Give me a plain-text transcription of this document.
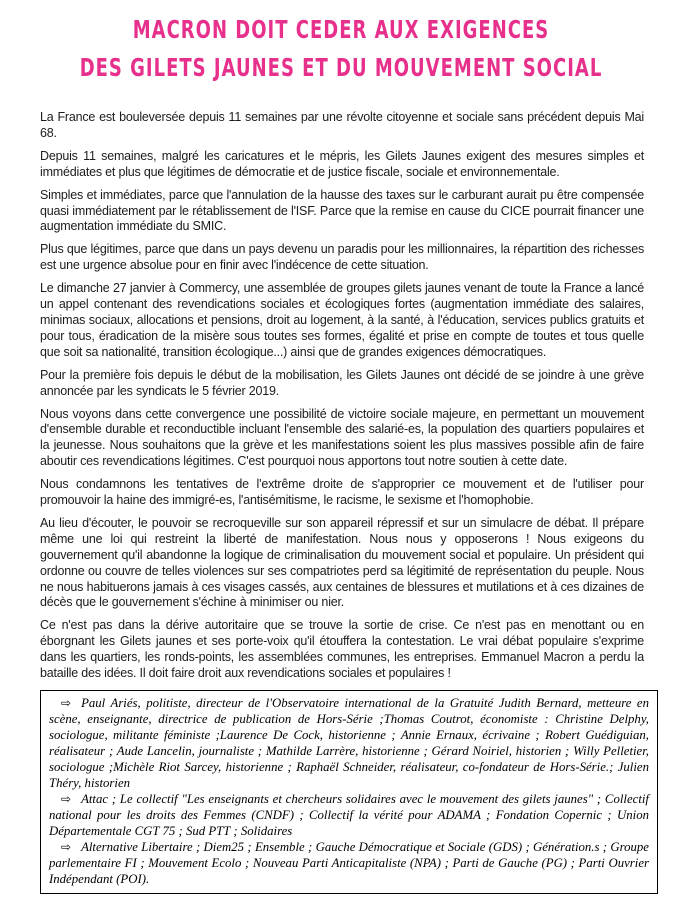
MACRON DOIT CEDER AUX EXIGENCES
DES GILETS JAUNES ET DU MOUVEMENT SOCIAL

La France est bouleversée depuis 11 semaines par une révolte citoyenne et sociale sans précédent depuis Mai 68.

Depuis 11 semaines, malgré les caricatures et le mépris, les Gilets Jaunes exigent des mesures simples et immédiates et plus que légitimes de démocratie et de justice fiscale, sociale et environnementale.

Simples et immédiates, parce que l'annulation de la hausse des taxes sur le carburant aurait pu être compensée quasi immédiatement par le rétablissement de l'ISF. Parce que la remise en cause du CICE pourrait financer une augmentation immédiate du SMIC.

Plus que légitimes, parce que dans un pays devenu un paradis pour les millionnaires, la répartition des richesses est une urgence absolue pour en finir avec l'indécence de cette situation.

Le dimanche 27 janvier à Commercy, une assemblée de groupes gilets jaunes venant de toute la France a lancé un appel contenant des revendications sociales et écologiques fortes (augmentation immédiate des salaires, minimas sociaux, allocations et pensions, droit au logement, à la santé, à l'éducation, services publics gratuits et pour tous, éradication de la misère sous toutes ses formes, égalité et prise en compte de toutes et tous quelle que soit sa nationalité, transition écologique...) ainsi que de grandes exigences démocratiques.

Pour la première fois depuis le début de la mobilisation, les Gilets Jaunes ont décidé de se joindre à une grève annoncée par les syndicats le 5 février 2019.

Nous voyons dans cette convergence une possibilité de victoire sociale majeure, en permettant un mouvement d'ensemble durable et reconductible incluant l'ensemble des salarié-es, la population des quartiers populaires et la jeunesse. Nous souhaitons que la grève et les manifestations soient les plus massives possible afin de faire aboutir ces revendications légitimes. C'est pourquoi nous apportons tout notre soutien à cette date.

Nous condamnons les tentatives de l'extrême droite de s'approprier ce mouvement et de l'utiliser pour promouvoir la haine des immigré-es, l'antisémitisme, le racisme, le sexisme et l'homophobie.

Au lieu d'écouter, le pouvoir se recroqueville sur son appareil répressif et sur un simulacre de débat. Il prépare même une loi qui restreint la liberté de manifestation. Nous nous y opposerons ! Nous exigeons du gouvernement qu'il abandonne la logique de criminalisation du mouvement social et populaire. Un président qui ordonne ou couvre de telles violences sur ses compatriotes perd sa légitimité de représentation du peuple. Nous ne nous habituerons jamais à ces visages cassés, aux centaines de blessures et mutilations et à ces dizaines de décès que le gouvernement s'échine à minimiser ou nier.

Ce n'est pas dans la dérive autoritaire que se trouve la sortie de crise. Ce n'est pas en menottant ou en éborgnant les Gilets jaunes et ses porte-voix qu'il étouffera la contestation. Le vrai débat populaire s'exprime dans les quartiers, les ronds-points, les assemblées communes, les entreprises. Emmanuel Macron a perdu la bataille des idées. Il doit faire droit aux revendications sociales et populaires !

⇨ Paul Ariés, politiste, directeur de l'Observatoire international de la Gratuité Judith Bernard, metteure en scène, enseignante, directrice de publication de Hors-Série ;Thomas Coutrot, économiste : Christine Delphy, sociologue, militante féministe ;Laurence De Cock, historienne ; Annie Ernaux, écrivaine ; Robert Guédiguian, réalisateur ; Aude Lancelin, journaliste ; Mathilde Larrère, historienne ; Gérard Noiriel, historien ; Willy Pelletier, sociologue ;Michèle Riot Sarcey, historienne ; Raphaël Schneider, réalisateur, co-fondateur de Hors-Série.; Julien Théry, historien

⇨ Attac ; Le collectif "Les enseignants et chercheurs solidaires avec le mouvement des gilets jaunes" ; Collectif national pour les droits des Femmes (CNDF) ; Collectif la vérité pour ADAMA ; Fondation Copernic ; Union Départementale CGT 75 ; Sud PTT ; Solidaires

⇨ Alternative Libertaire ; Diem25 ; Ensemble ; Gauche Démocratique et Sociale (GDS) ; Génération.s ; Groupe parlementaire FI ; Mouvement Ecolo ; Nouveau Parti Anticapitaliste (NPA) ; Parti de Gauche (PG) ; Parti Ouvrier Indépendant (POI).
